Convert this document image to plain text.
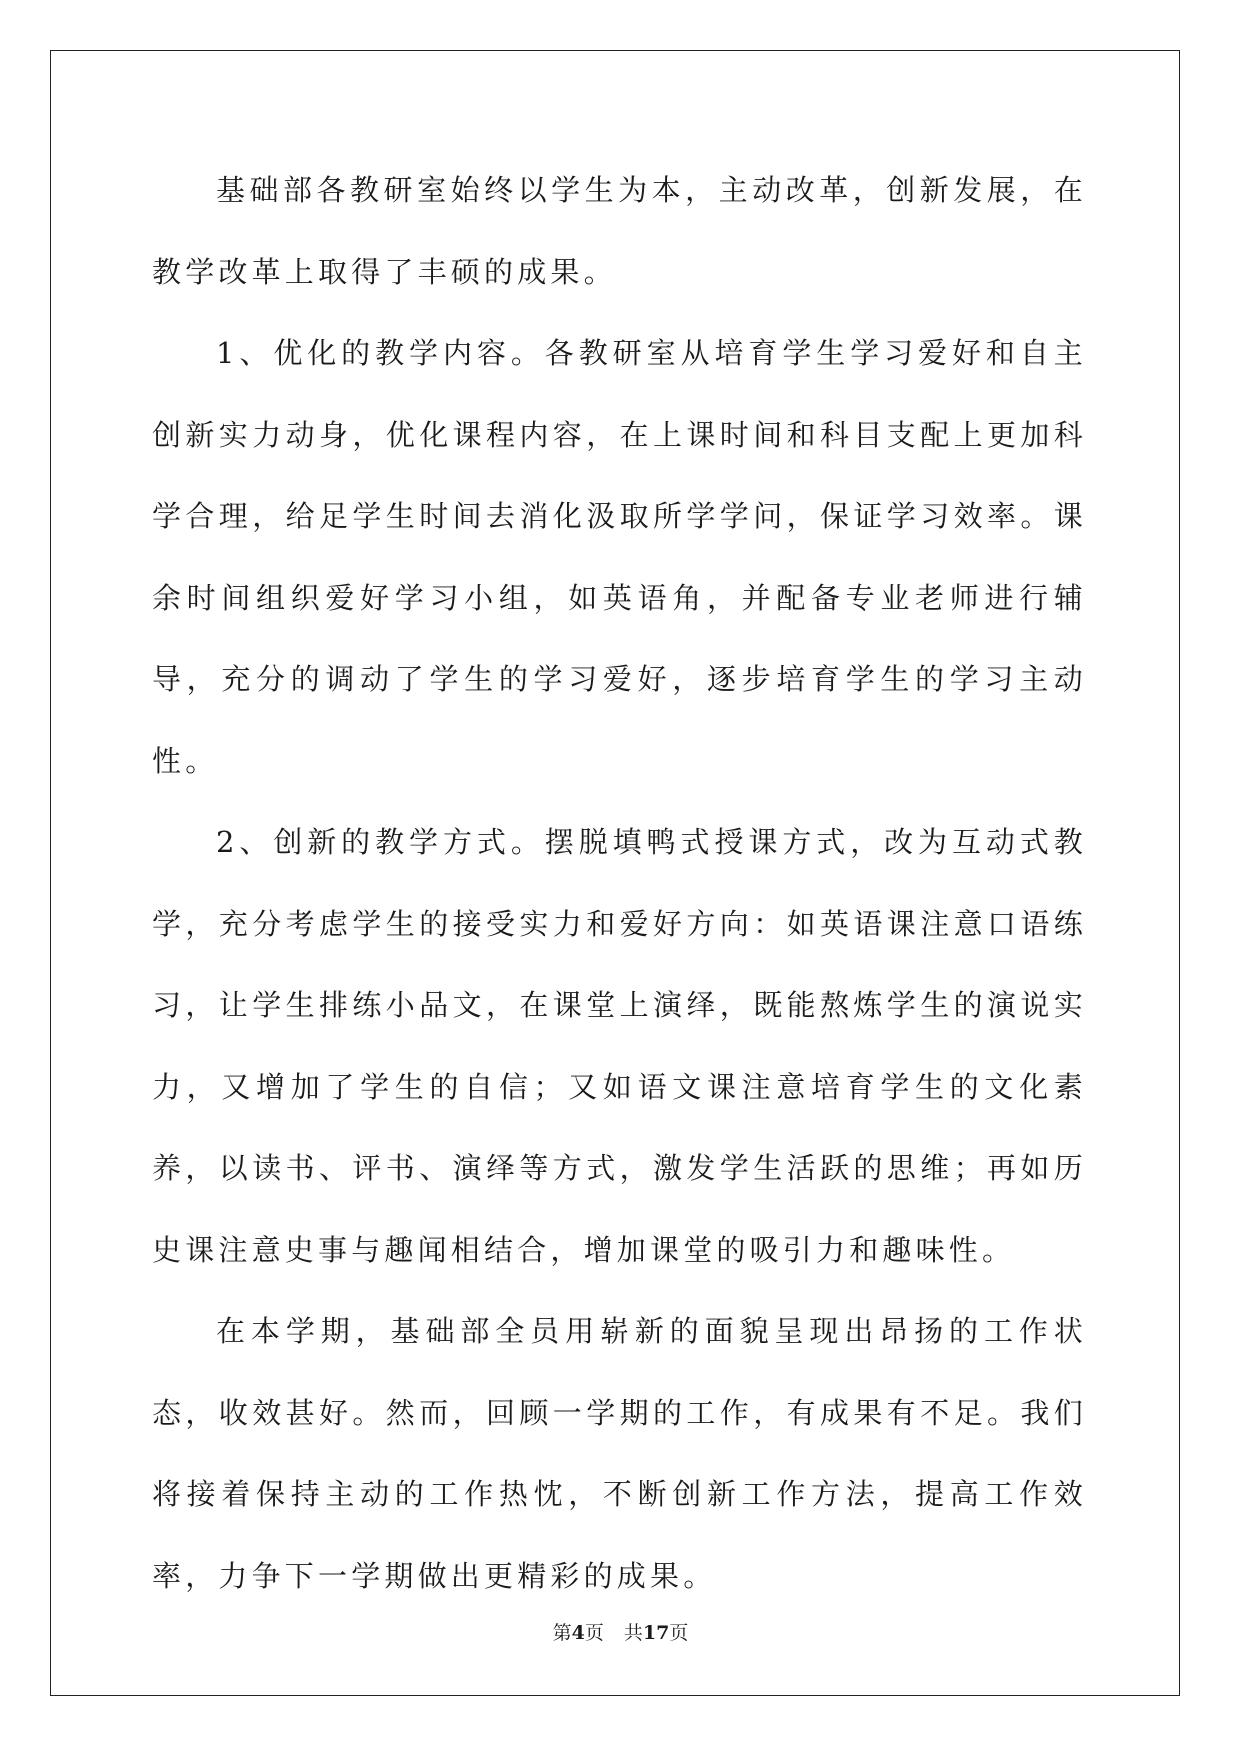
基础部各教研室始终以学生为本，主动改革，创新发展，在教学改革上取得了丰硕的成果。

1、优化的教学内容。各教研室从培育学生学习爱好和自主创新实力动身，优化课程内容，在上课时间和科目支配上更加科学合理，给足学生时间去消化汲取所学学问，保证学习效率。课余时间组织爱好学习小组，如英语角，并配备专业老师进行辅导，充分的调动了学生的学习爱好，逐步培育学生的学习主动性。

2、创新的教学方式。摆脱填鸭式授课方式，改为互动式教学，充分考虑学生的接受实力和爱好方向：如英语课注意口语练习，让学生排练小品文，在课堂上演绎，既能熬炼学生的演说实力，又增加了学生的自信；又如语文课注意培育学生的文化素养，以读书、评书、演绎等方式，激发学生活跃的思维；再如历史课注意史事与趣闻相结合，增加课堂的吸引力和趣味性。

在本学期，基础部全员用崭新的面貌呈现出昂扬的工作状态，收效甚好。然而，回顾一学期的工作，有成果有不足。我们将接着保持主动的工作热忱，不断创新工作方法，提高工作效率，力争下一学期做出更精彩的成果。

第4页 共17页
